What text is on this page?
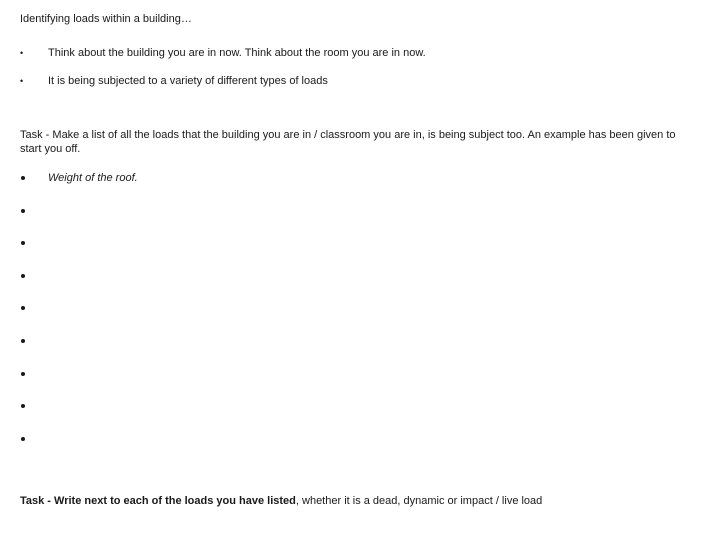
Identifying loads within a building…
• Think about the building you are in now. Think about the room you are in now.
• It is being subjected to a variety of different types of loads
Task - Make a list of all the loads that the building you are in / classroom you are in, is being subject too. An example has been given to start you off.
Weight of the roof.
Task - Write next to each of the loads you have listed, whether it is a dead, dynamic or impact / live load
